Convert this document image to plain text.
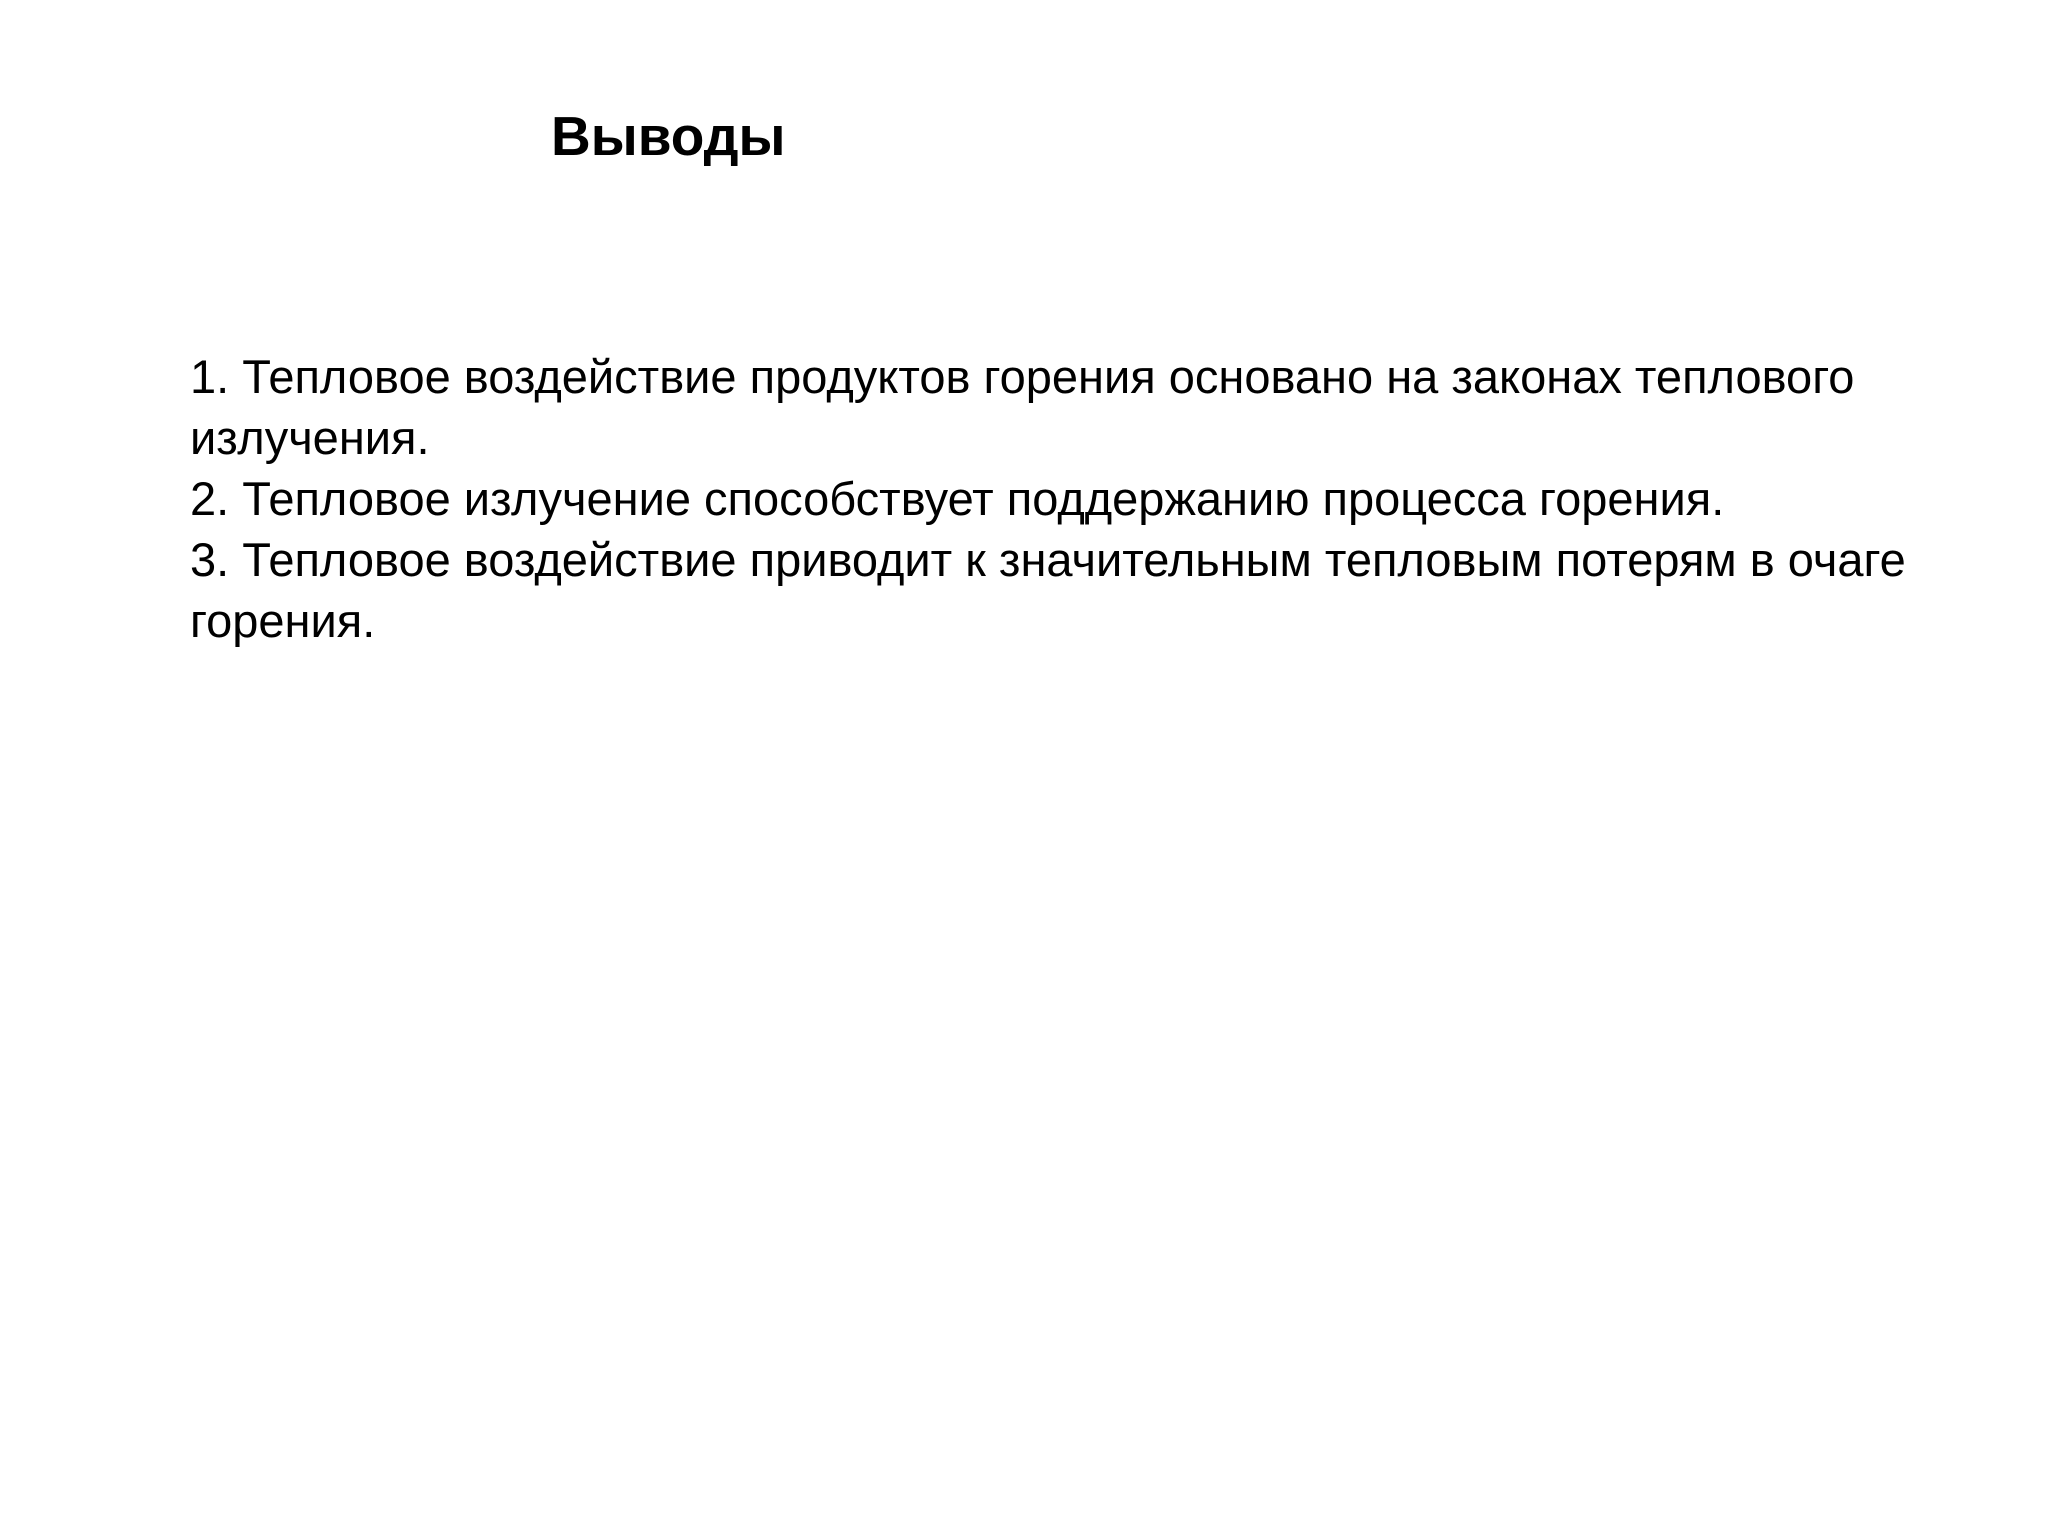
Выводы
1. Тепловое воздействие продуктов горения основано на законах теплового излучения.
2. Тепловое излучение способствует поддержанию процесса горения.
3. Тепловое воздействие приводит к значительным тепловым потерям в очаге горения.
